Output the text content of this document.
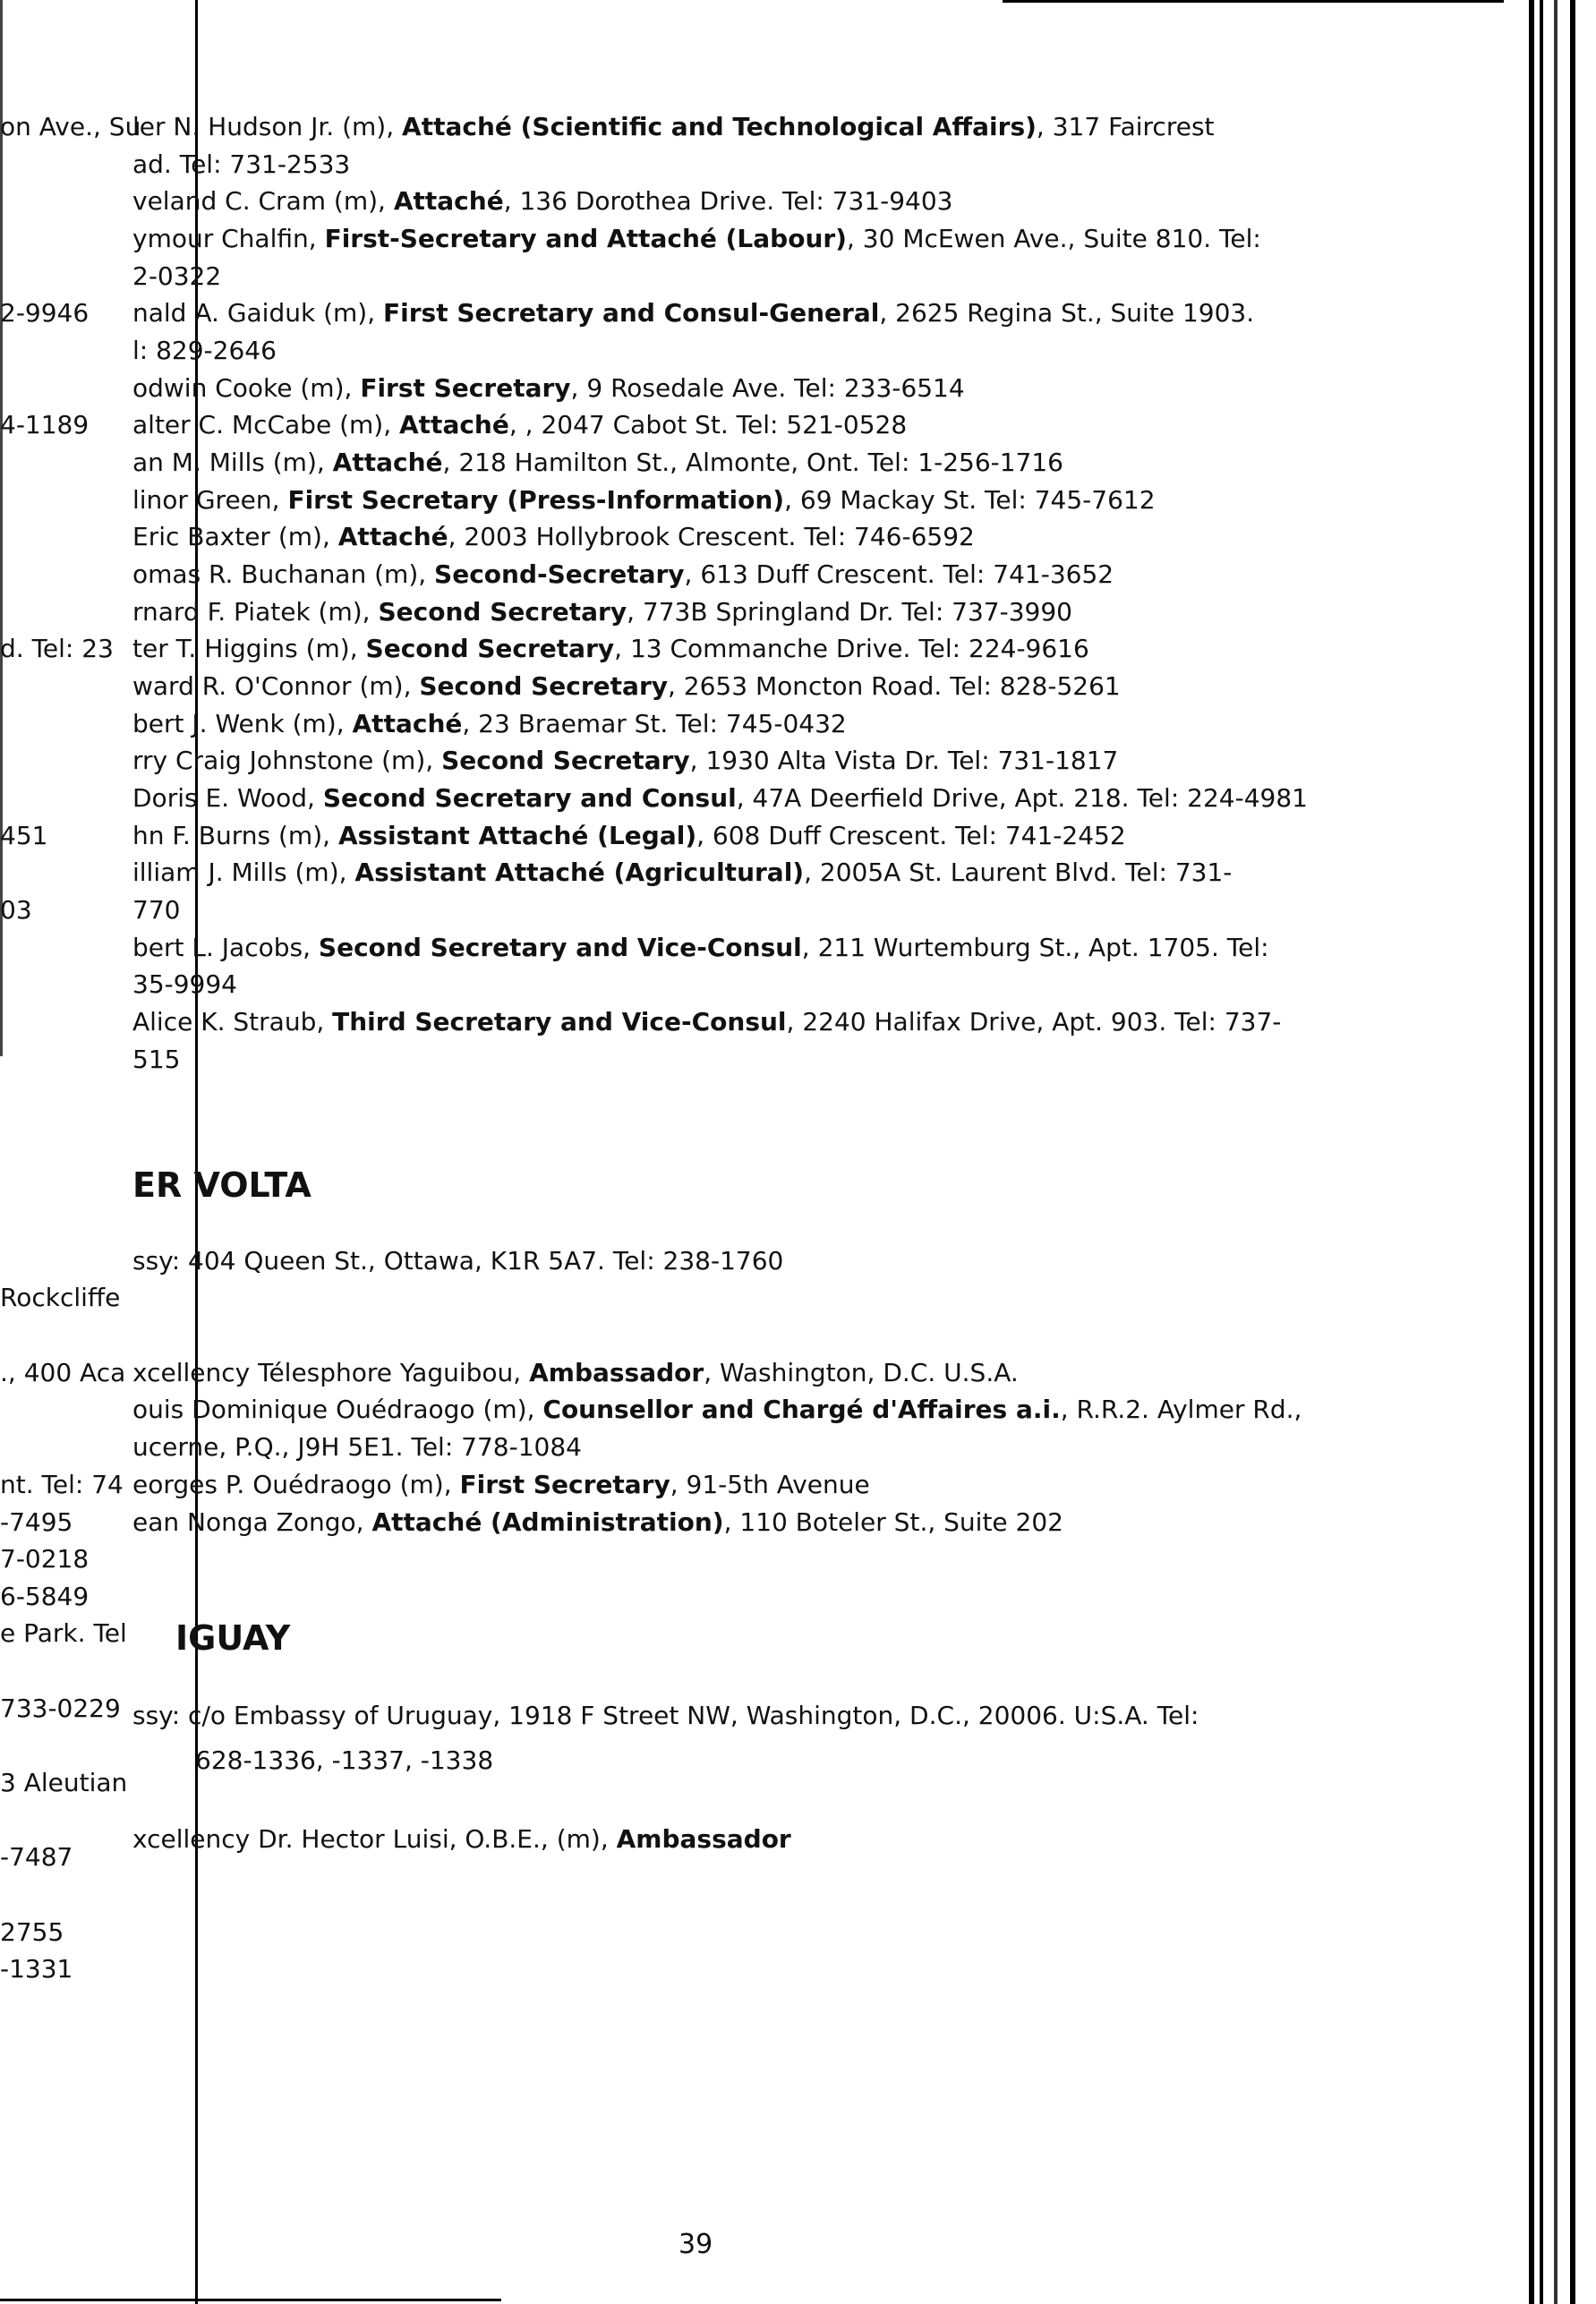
on Ave., Su
2-9946
4-1189
d. Tel: 23
451
03
Rockcliffe
., 400 Aca
nt. Tel: 74
-7495
7-0218
6-5849
e Park. Tel
733-0229
3 Aleutian
-7487
2755
-1331
ler N. Hudson Jr. (m), Attaché (Scientific and Technological Affairs), 317 Faircrest
ad. Tel: 731-2533
veland C. Cram (m), Attaché, 136 Dorothea Drive. Tel: 731-9403
ymour Chalfin, First-Secretary and Attaché (Labour), 30 McEwen Ave., Suite 810. Tel:
2-0322
nald A. Gaiduk (m), First Secretary and Consul-General, 2625 Regina St., Suite 1903.
l: 829-2646
odwin Cooke (m), First Secretary, 9 Rosedale Ave. Tel: 233-6514
alter C. McCabe (m), Attaché, , 2047 Cabot St. Tel: 521-0528
an M. Mills (m), Attaché, 218 Hamilton St., Almonte, Ont. Tel: 1-256-1716
linor Green, First Secretary (Press-Information), 69 Mackay St. Tel: 745-7612
Eric Baxter (m), Attaché, 2003 Hollybrook Crescent. Tel: 746-6592
omas R. Buchanan (m), Second-Secretary, 613 Duff Crescent. Tel: 741-3652
rnard F. Piatek (m), Second Secretary, 773B Springland Dr. Tel: 737-3990
ter T. Higgins (m), Second Secretary, 13 Commanche Drive. Tel: 224-9616
ward R. O'Connor (m), Second Secretary, 2653 Moncton Road. Tel: 828-5261
bert J. Wenk (m), Attaché, 23 Braemar St. Tel: 745-0432
rry Craig Johnstone (m), Second Secretary, 1930 Alta Vista Dr. Tel: 731-1817
Doris E. Wood, Second Secretary and Consul, 47A Deerfield Drive, Apt. 218. Tel: 224-4981
hn F. Burns (m), Assistant Attaché (Legal), 608 Duff Crescent. Tel: 741-2452
illiam J. Mills (m), Assistant Attaché (Agricultural), 2005A St. Laurent Blvd. Tel: 731-
770
bert L. Jacobs, Second Secretary and Vice-Consul, 211 Wurtemburg St., Apt. 1705. Tel:
35-9994
Alice K. Straub, Third Secretary and Vice-Consul, 2240 Halifax Drive, Apt. 903. Tel: 737-
515
ER VOLTA
ssy: 404 Queen St., Ottawa, K1R 5A7. Tel: 238-1760
xcellency Télesphore Yaguibou, Ambassador, Washington, D.C. U.S.A.
ouis Dominique Ouédraogo (m), Counsellor and Chargé d'Affaires a.i., R.R.2. Aylmer Rd.,
ucerne, P.Q., J9H 5E1. Tel: 778-1084
eorges P. Ouédraogo (m), First Secretary, 91-5th Avenue
ean Nonga Zongo, Attaché (Administration), 110 Boteler St., Suite 202
IGUAY
ssy: c/o Embassy of Uruguay, 1918 F Street NW, Washington, D.C., 20006. U:S.A. Tel:
628-1336, -1337, -1338
xcellency Dr. Hector Luisi, O.B.E., (m), Ambassador
39
